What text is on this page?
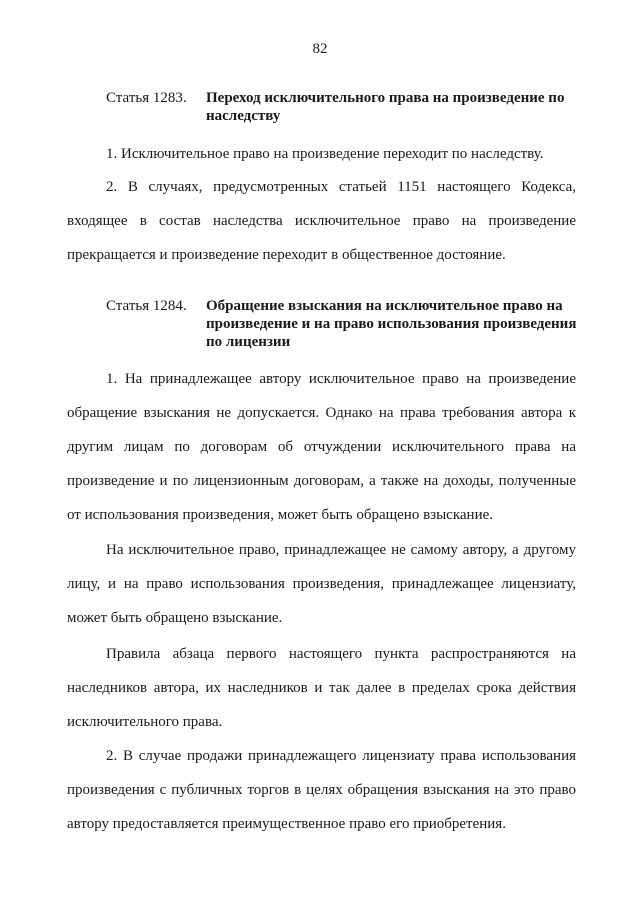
82
Статья 1283.	Переход исключительного права на произведение по наследству

1. Исключительное право на произведение переходит по наследству.

2. В случаях, предусмотренных статьей 1151 настоящего Кодекса, входящее в состав наследства исключительное право на произведение прекращается и произведение переходит в общественное достояние.

Статья 1284.	Обращение взыскания на исключительное право на произведение и на право использования произведения по лицензии

1. На принадлежащее автору исключительное право на произведение обращение взыскания не допускается. Однако на права требования автора к другим лицам по договорам об отчуждении исключительного права на произведение и по лицензионным договорам, а также на доходы, полученные от использования произведения, может быть обращено взыскание.

На исключительное право, принадлежащее не самому автору, а другому лицу, и на право использования произведения, принадлежащее лицензиату, может быть обращено взыскание.

Правила абзаца первого настоящего пункта распространяются на наследников автора, их наследников и так далее в пределах срока действия исключительного права.

2. В случае продажи принадлежащего лицензиату права использования произведения с публичных торгов в целях обращения взыскания на это право автору предоставляется преимущественное право его приобретения.
